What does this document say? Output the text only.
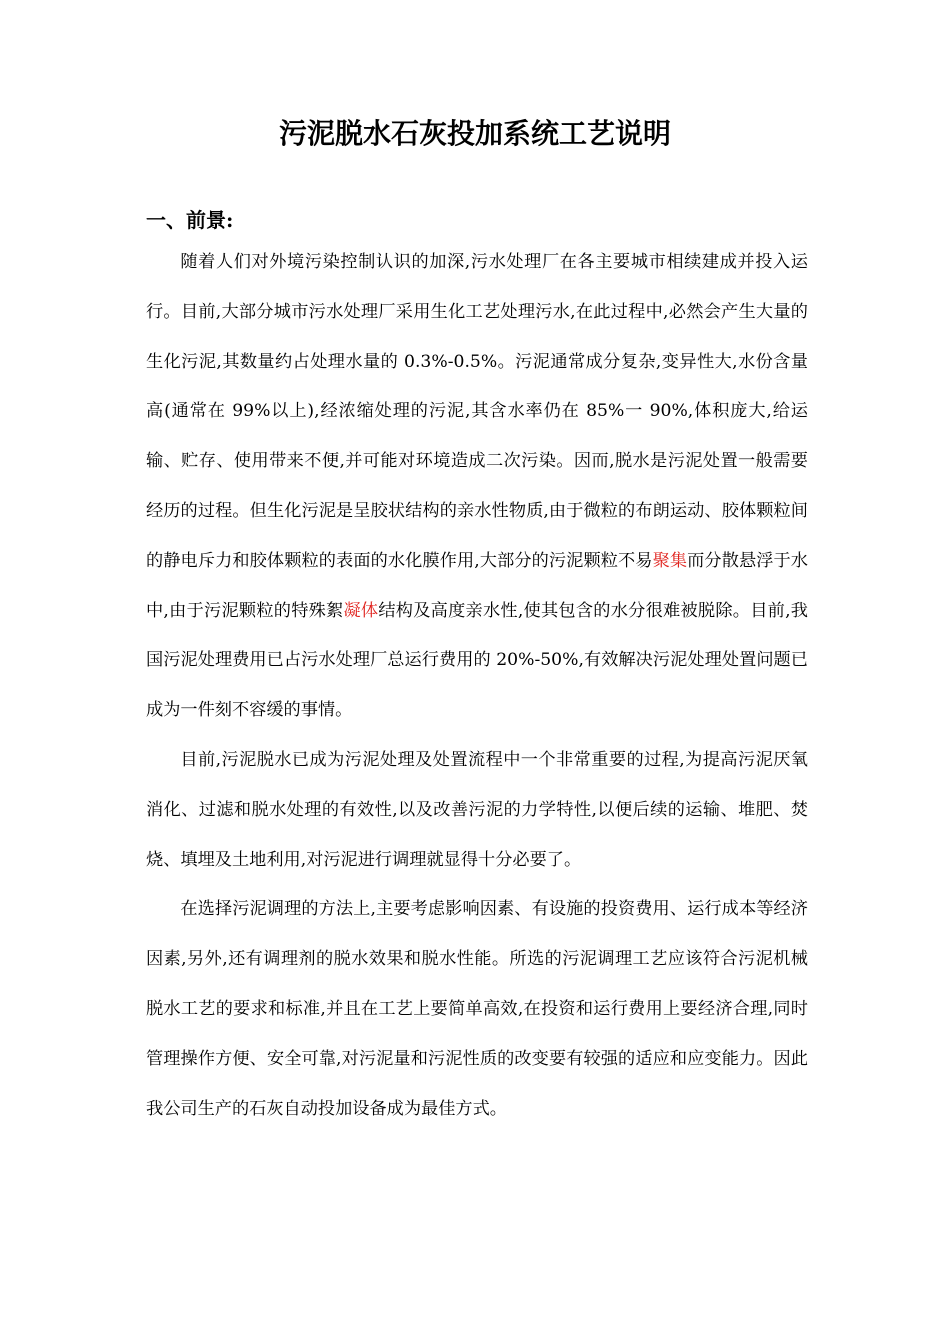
污泥脱水石灰投加系统工艺说明
一、前景:

随着人们对外境污染控制认识的加深,污水处理厂在各主要城市相续建成并投入运行。目前,大部分城市污水处理厂采用生化工艺处理污水,在此过程中,必然会产生大量的生化污泥,其数量约占处理水量的 0.3%-0.5%。污泥通常成分复杂,变异性大,水份含量高(通常在 99%以上),经浓缩处理的污泥,其含水率仍在 85%一 90%,体积庞大,给运输、贮存、使用带来不便,并可能对环境造成二次污染。因而,脱水是污泥处置一般需要经历的过程。但生化污泥是呈胶状结构的亲水性物质,由于微粒的布朗运动、胶体颗粒间的静电斥力和胶体颗粒的表面的水化膜作用,大部分的污泥颗粒不易聚集而分散悬浮于水中,由于污泥颗粒的特殊絮凝体结构及高度亲水性,使其包含的水分很难被脱除。目前,我国污泥处理费用已占污水处理厂总运行费用的 20%-50%,有效解决污泥处理处置问题已成为一件刻不容缓的事情。

目前,污泥脱水已成为污泥处理及处置流程中一个非常重要的过程,为提高污泥厌氧消化、过滤和脱水处理的有效性,以及改善污泥的力学特性,以便后续的运输、堆肥、焚烧、填埋及土地利用,对污泥进行调理就显得十分必要了。

在选择污泥调理的方法上,主要考虑影响因素、有设施的投资费用、运行成本等经济因素,另外,还有调理剂的脱水效果和脱水性能。所选的污泥调理工艺应该符合污泥机械脱水工艺的要求和标准,并且在工艺上要简单高效,在投资和运行费用上要经济合理,同时管理操作方便、安全可靠,对污泥量和污泥性质的改变要有较强的适应和应变能力。因此我公司生产的石灰自动投加设备成为最佳方式。
